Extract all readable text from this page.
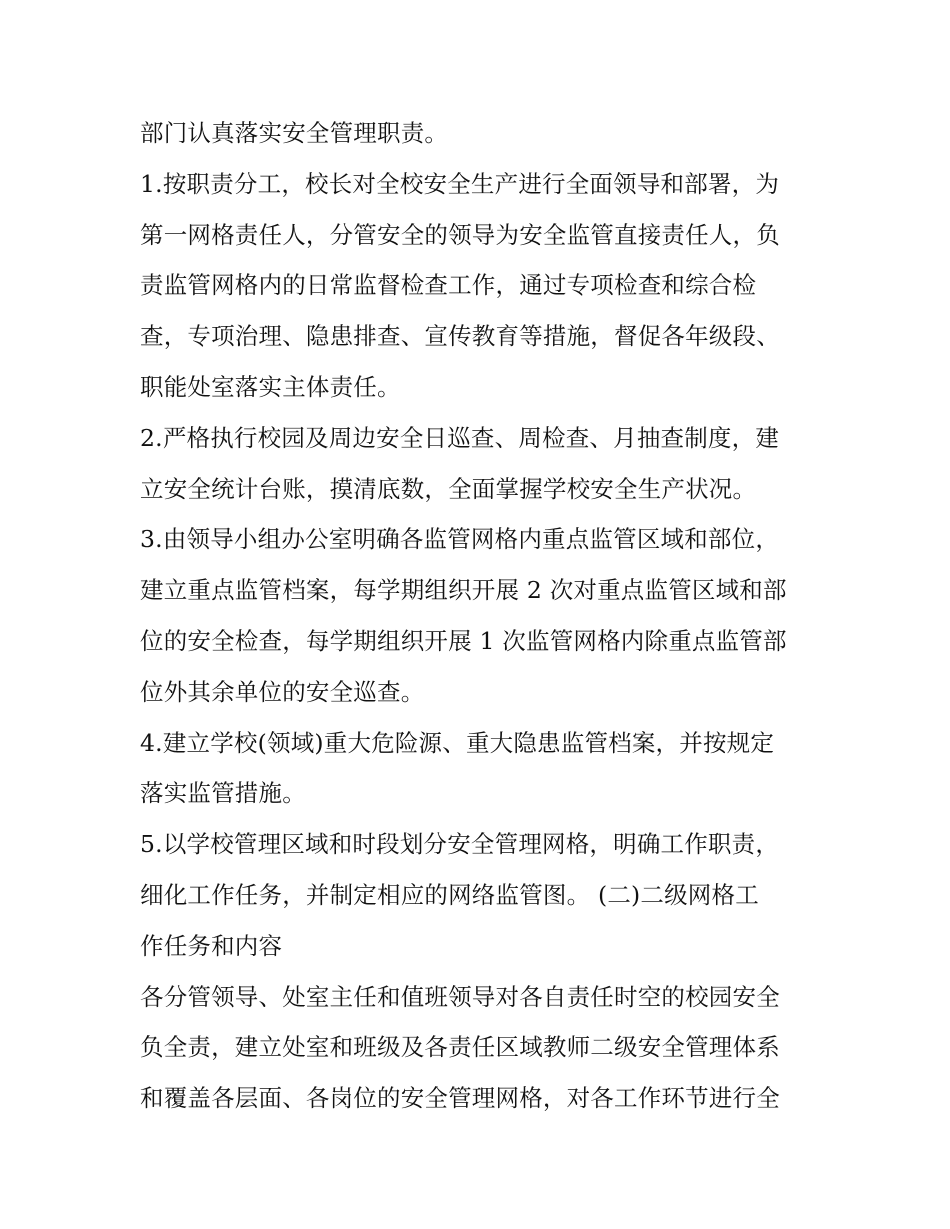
部门认真落实安全管理职责。
1.按职责分工，校长对全校安全生产进行全面领导和部署，为
第一网格责任人，分管安全的领导为安全监管直接责任人，负
责监管网格内的日常监督检查工作，通过专项检查和综合检
查，专项治理、隐患排查、宣传教育等措施，督促各年级段、
职能处室落实主体责任。
2.严格执行校园及周边安全日巡查、周检查、月抽查制度，建
立安全统计台账，摸清底数，全面掌握学校安全生产状况。
3.由领导小组办公室明确各监管网格内重点监管区域和部位，
建立重点监管档案，每学期组织开展 2 次对重点监管区域和部
位的安全检查，每学期组织开展 1 次监管网格内除重点监管部
位外其余单位的安全巡查。
4.建立学校(领域)重大危险源、重大隐患监管档案，并按规定
落实监管措施。
5.以学校管理区域和时段划分安全管理网格，明确工作职责，
细化工作任务，并制定相应的网络监管图。 (二)二级网格工
作任务和内容
各分管领导、处室主任和值班领导对各自责任时空的校园安全
负全责，建立处室和班级及各责任区域教师二级安全管理体系
和覆盖各层面、各岗位的安全管理网格，对各工作环节进行全
